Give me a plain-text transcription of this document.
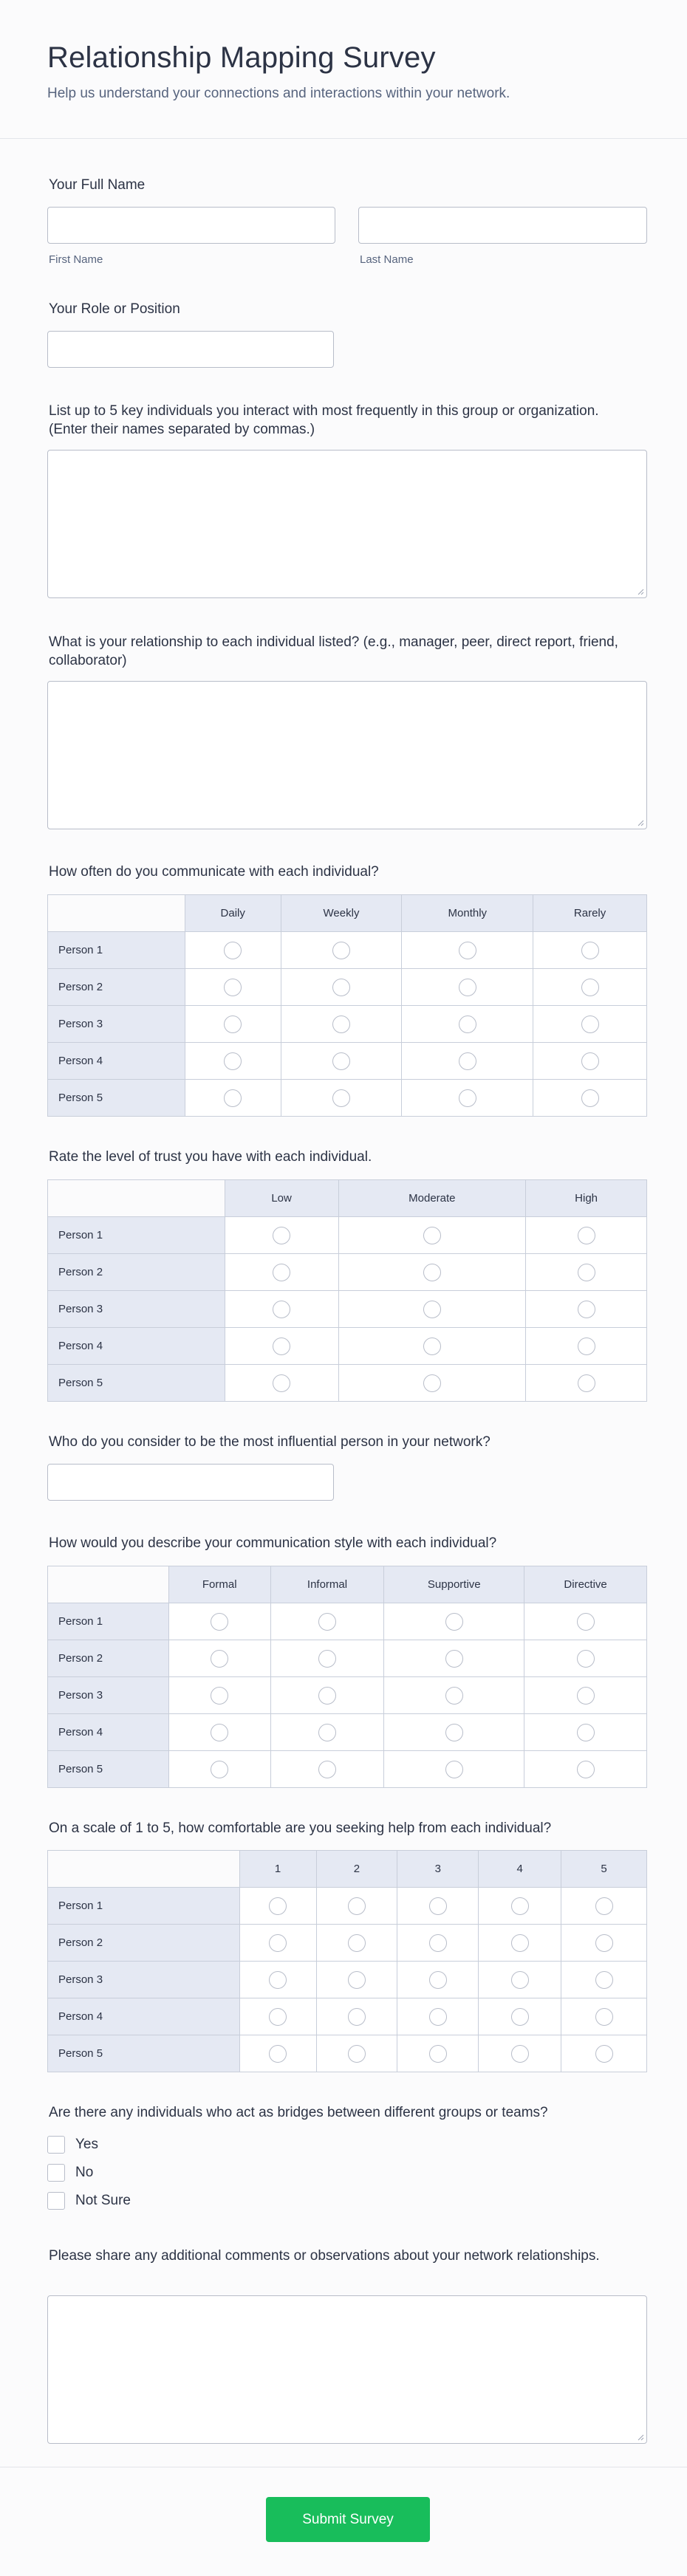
Relationship Mapping Survey
Help us understand your connections and interactions within your network.
Your Full Name
First Name	Last Name
Your Role or Position
List up to 5 key individuals you interact with most frequently in this group or organization. (Enter their names separated by commas.)
What is your relationship to each individual listed? (e.g., manager, peer, direct report, friend, collaborator)
How often do you communicate with each individual?
	Daily	Weekly	Monthly	Rarely
Person 1				
Person 2				
Person 3				
Person 4				
Person 5				
Rate the level of trust you have with each individual.
	Low	Moderate	High
Person 1			
Person 2			
Person 3			
Person 4			
Person 5			
Who do you consider to be the most influential person in your network?
How would you describe your communication style with each individual?
	Formal	Informal	Supportive	Directive
Person 1				
Person 2				
Person 3				
Person 4				
Person 5				
On a scale of 1 to 5, how comfortable are you seeking help from each individual?
	1	2	3	4	5
Person 1					
Person 2					
Person 3					
Person 4					
Person 5					
Are there any individuals who act as bridges between different groups or teams?
Yes
No
Not Sure
Please share any additional comments or observations about your network relationships.
Submit Survey
